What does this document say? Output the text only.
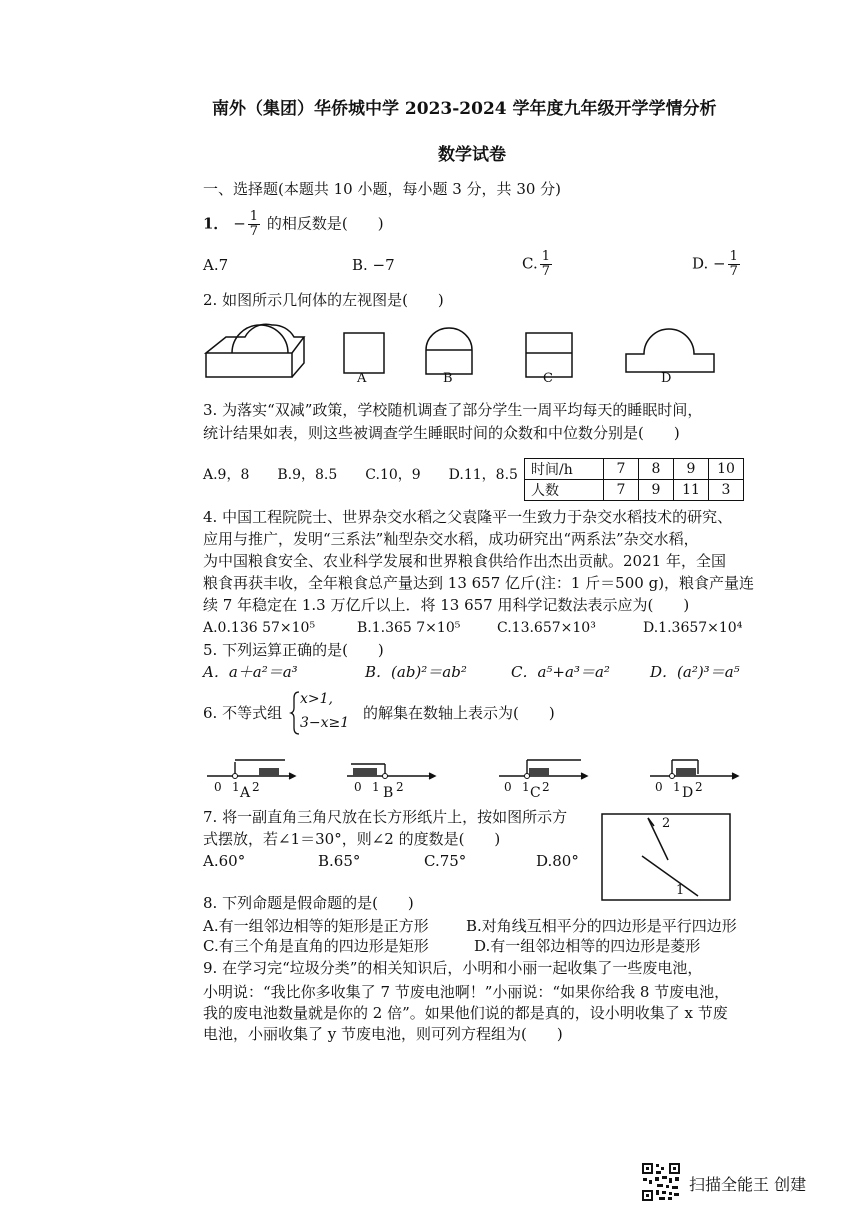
南外（集团）华侨城中学 2023-2024 学年度九年级开学学情分析
数学试卷
一、选择题(本题共 10 小题，每小题 3 分，共 30 分)
1． − $\frac{1}{7}$ 的相反数是(　　)
A.7	B. −7	C. $\frac{1}{7}$	D. − $\frac{1}{7}$
2. 如图所示几何体的左视图是(　　)
A	B	C	D
3. 为落实“双减”政策，学校随机调查了部分学生一周平均每天的睡眠时间，
统计结果如表，则这些被调查学生睡眠时间的众数和中位数分别是(　　)
A.9，8　　B.9，8.5　　C.10，9　　D.11，8.5 时间/h	7	8	9	10
人数	7	9	11	3
4. 中国工程院院士、世界杂交水稻之父袁隆平一生致力于杂交水稻技术的研究、
应用与推广，发明“三系法”籼型杂交水稻，成功研究出“两系法”杂交水稻，
为中国粮食安全、农业科学发展和世界粮食供给作出杰出贡献。2021 年，全国
粮食再获丰收，全年粮食总产量达到 13 657 亿斤(注：1 斤＝500 g)，粮食产量连
续 7 年稳定在 1.3 万亿斤以上．将 13 657 用科学记数法表示应为(　　)
A.0.136 57×10⁵	B.1.365 7×10⁵	C.13.657×10³	D.1.3657×10⁴
5. 下列运算正确的是(　　)
A．a＋a²＝a³	B．(ab)²＝ab²	C．a⁵+a³＝a²	D．(a²)³＝a⁵
6. 不等式组
x>1,
3−x≥1
的解集在数轴上表示为(　　)
0 1 A 2	0 1 B 2	0 1 C 2	0 1 D 2
7. 将一副直角三角尺放在长方形纸片上，按如图所示方
式摆放，若∠1＝30°，则∠2 的度数是(　　)
A.60°	B.65°	C.75°	D.80°
2
1
8. 下列命题是假命题的是(　　)
A.有一组邻边相等的矩形是正方形 B.对角线互相平分的四边形是平行四边形
C.有三个角是直角的四边形是矩形	D.有一组邻边相等的四边形是菱形
9. 在学习完“垃圾分类”的相关知识后，小明和小丽一起收集了一些废电池，
小明说：“我比你多收集了 7 节废电池啊！”小丽说：“如果你给我 8 节废电池，
我的废电池数量就是你的 2 倍”。如果他们说的都是真的，设小明收集了 x 节废
电池，小丽收集了 y 节废电池，则可列方程组为(　　)
扫描全能王 创建
